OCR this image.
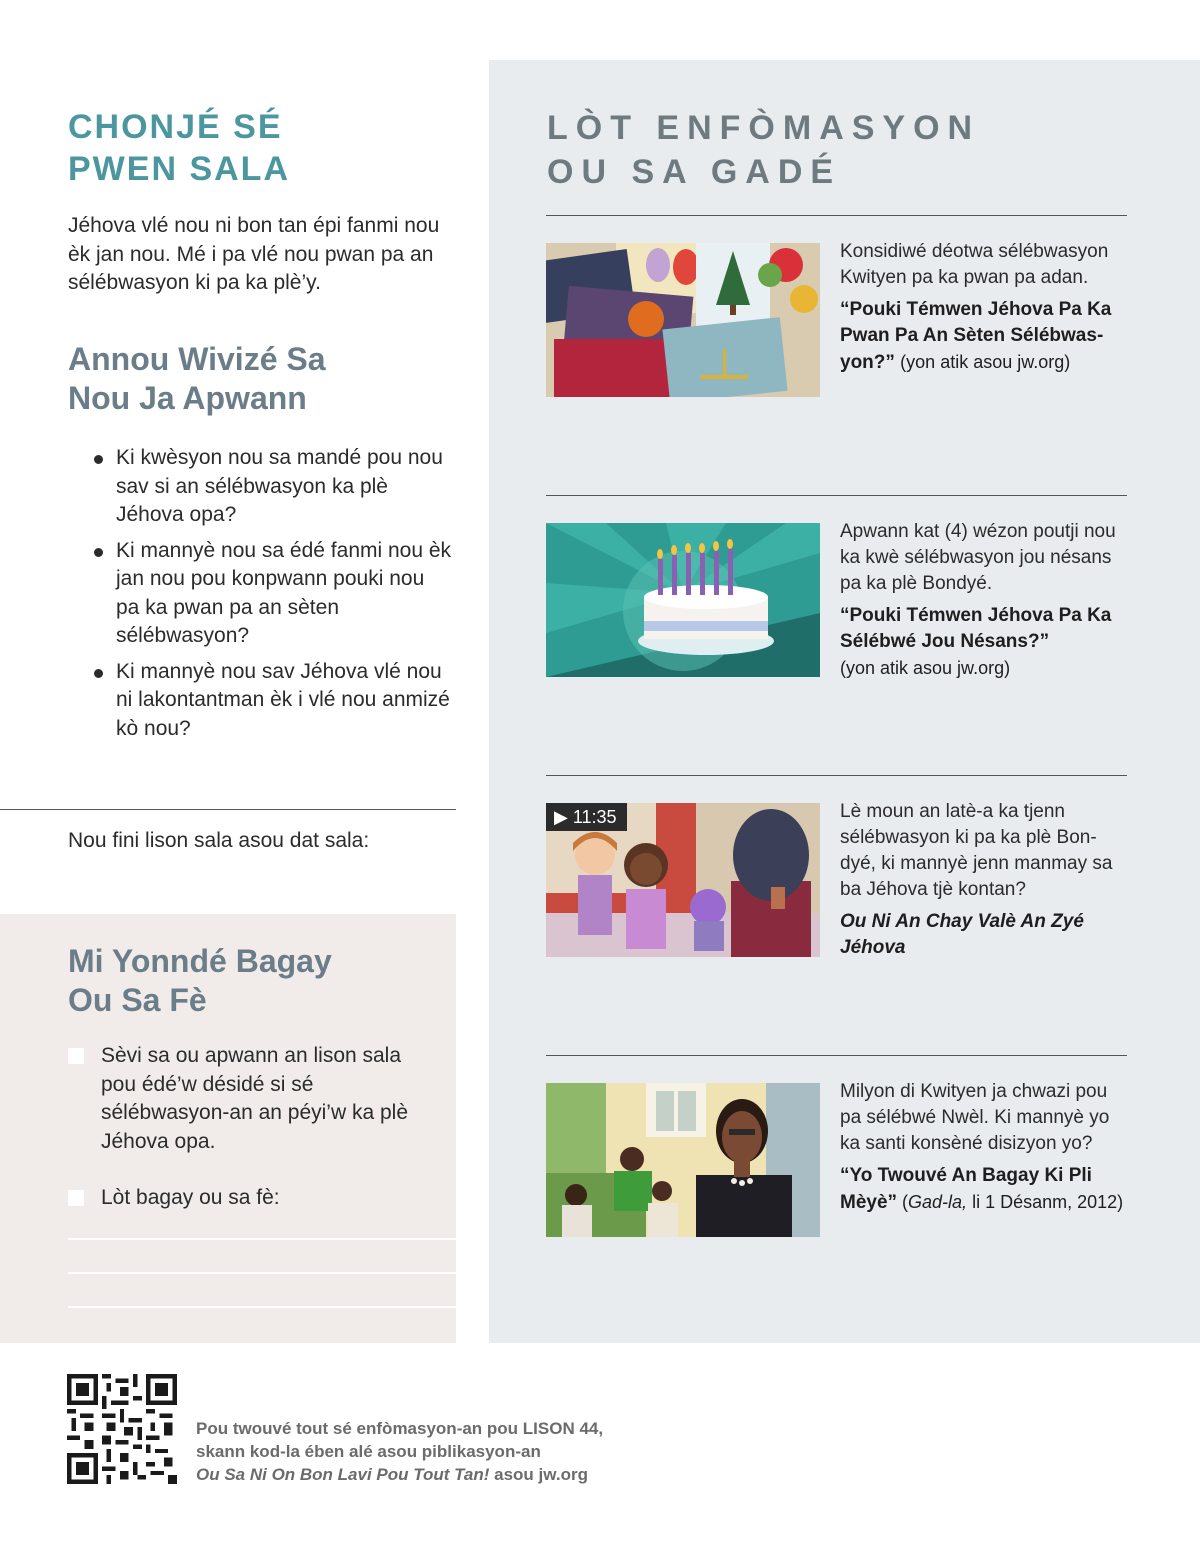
CHONJÉ SÉ
PWEN SALA

Jéhova vlé nou ni bon tan épi fanmi nou èk jan nou. Mé i pa vlé nou pwan pa an sélébwasyon ki pa ka plè’y.

Annou Wivizé Sa
Nou Ja Apwann
Ki kwèsyon nou sa mandé pou nou sav si an sélébwasyon ka plè Jéhova opa?
Ki mannyè nou sa édé fanmi nou èk jan nou pou konpwann pouki nou pa ka pwan pa an sèten sélébwasyon?
Ki mannyè nou sav Jéhova vlé nou ni lakontantman èk i vlé nou anmizé kò nou?

Nou fini lison sala asou dat sala:

Mi Yonndé Bagay
Ou Sa Fè
Sèvi sa ou apwann an lison sala pou édé’w désidé si sé sélébwasyon-an an péyi’w ka plè Jéhova opa.
Lòt bagay ou sa fè:
LÒT ENFÒMASYON
OU SA GADÉ

Konsidiwé déotwa sélébwasyon Kwityen pa ka pwan pa adan.

“Pouki Témwen Jéhova Pa Ka Pwan Pa An Sèten Sélébwas-yon?” (yon atik asou jw.org)

Apwann kat (4) wézon poutji nou ka kwè sélébwasyon jou nésans pa ka plè Bondyé.

“Pouki Témwen Jéhova Pa Ka Sélébwé Jou Nésans?”
(yon atik asou jw.org)

▶ 11:35	Lè moun an latè-a ka tjenn sélébwasyon ki pa ka plè Bon-dyé, ki mannyè jenn manmay sa ba Jéhova tjè kontan?

Ou Ni An Chay Valè An Zyé Jéhova

Milyon di Kwityen ja chwazi pou pa sélébwé Nwèl. Ki mannyè yo ka santi konsèné disizyon yo?

“Yo Twouvé An Bagay Ki Pli Mèyè” (Gad-la, li 1 Désanm, 2012)

Pou twouvé tout sé enfòmasyon-an pou LISON 44,
skann kod-la ében alé asou piblikasyon-an
Ou Sa Ni On Bon Lavi Pou Tout Tan! asou jw.org
